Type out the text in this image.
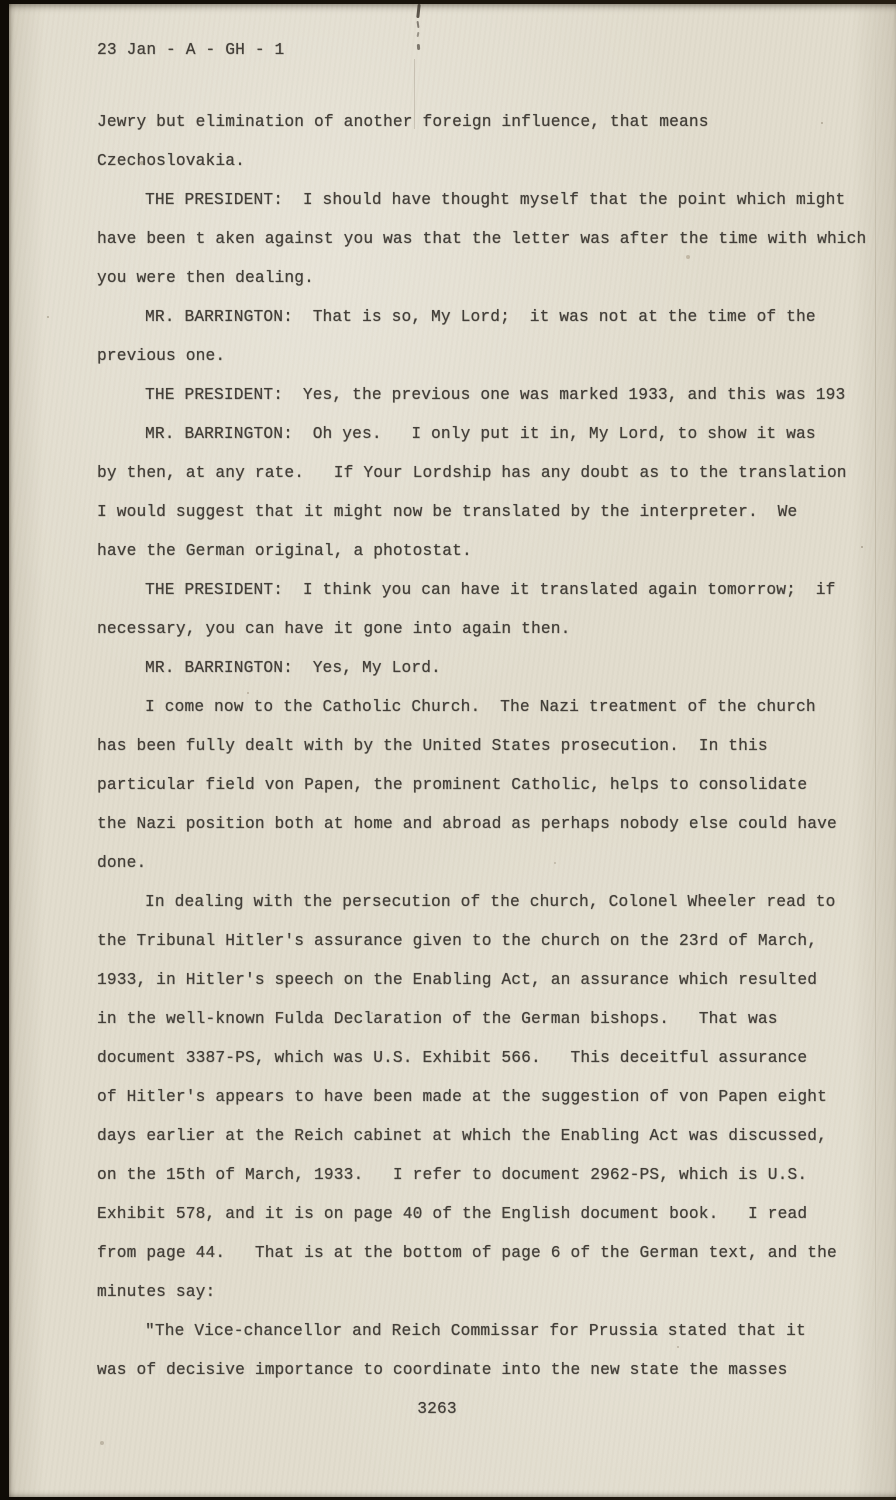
23 Jan - A - GH - 1
Jewry but elimination of another foreign influence, that means
Czechoslovakia.
THE PRESIDENT:  I should have thought myself that the point which might
have been t aken against you was that the letter was after the time with which
you were then dealing.
MR. BARRINGTON:  That is so, My Lord;  it was not at the time of the
previous one.
THE PRESIDENT:  Yes, the previous one was marked 1933, and this was 193
MR. BARRINGTON:  Oh yes.   I only put it in, My Lord, to show it was
by then, at any rate.   If Your Lordship has any doubt as to the translation
I would suggest that it might now be translated by the interpreter.  We
have the German original, a photostat.
THE PRESIDENT:  I think you can have it translated again tomorrow;  if
necessary, you can have it gone into again then.
MR. BARRINGTON:  Yes, My Lord.
I come now to the Catholic Church.  The Nazi treatment of the church
has been fully dealt with by the United States prosecution.  In this
particular field von Papen, the prominent Catholic, helps to consolidate
the Nazi position both at home and abroad as perhaps nobody else could have
done.
In dealing with the persecution of the church, Colonel Wheeler read to
the Tribunal Hitler's assurance given to the church on the 23rd of March,
1933, in Hitler's speech on the Enabling Act, an assurance which resulted
in the well-known Fulda Declaration of the German bishops.   That was
document 3387-PS, which was U.S. Exhibit 566.   This deceitful assurance
of Hitler's appears to have been made at the suggestion of von Papen eight
days earlier at the Reich cabinet at which the Enabling Act was discussed,
on the 15th of March, 1933.   I refer to document 2962-PS, which is U.S.
Exhibit 578, and it is on page 40 of the English document book.   I read
from page 44.   That is at the bottom of page 6 of the German text, and the
minutes say:
"The Vice-chancellor and Reich Commissar for Prussia stated that it
was of decisive importance to coordinate into the new state the masses
3263
